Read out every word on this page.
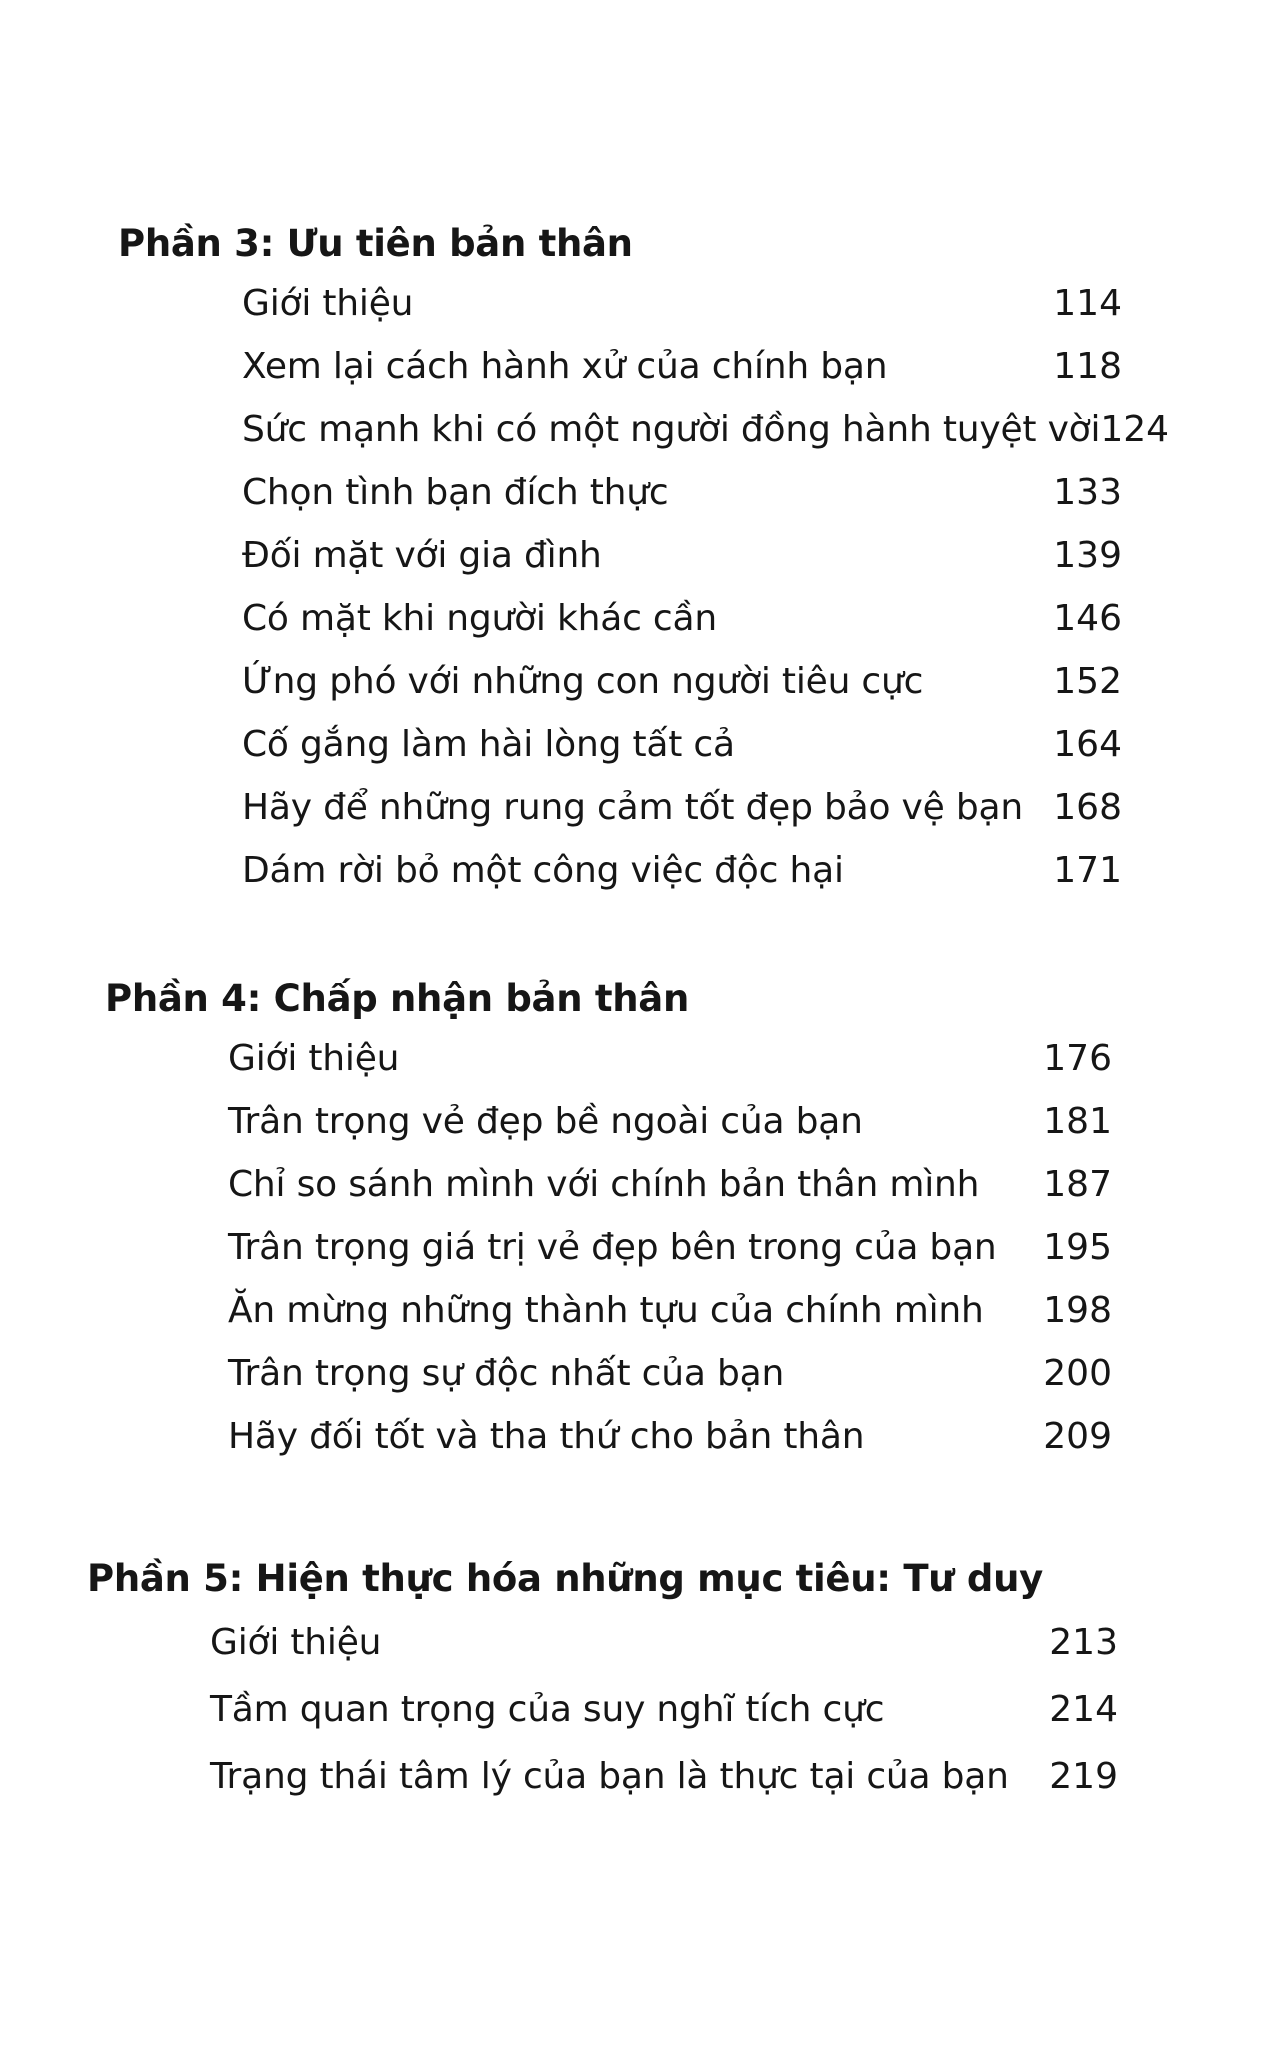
Phần 3: Ưu tiên bản thân
Giới thiệu	114
Xem lại cách hành xử của chính bạn	118
Sức mạnh khi có một người đồng hành tuyệt vời 124
Chọn tình bạn đích thực	133
Đối mặt với gia đình	139
Có mặt khi người khác cần	146
Ứng phó với những con người tiêu cực	152
Cố gắng làm hài lòng tất cả	164
Hãy để những rung cảm tốt đẹp bảo vệ bạn 168
Dám rời bỏ một công việc độc hại	171
Phần 4: Chấp nhận bản thân
Giới thiệu	176
Trân trọng vẻ đẹp bề ngoài của bạn	181
Chỉ so sánh mình với chính bản thân mình 187
Trân trọng giá trị vẻ đẹp bên trong của bạn 195
Ăn mừng những thành tựu của chính mình 198
Trân trọng sự độc nhất của bạn	200
Hãy đối tốt và tha thứ cho bản thân	209
Phần 5: Hiện thực hóa những mục tiêu: Tư duy
Giới thiệu	213
Tầm quan trọng của suy nghĩ tích cực	214
Trạng thái tâm lý của bạn là thực tại của bạn 219
